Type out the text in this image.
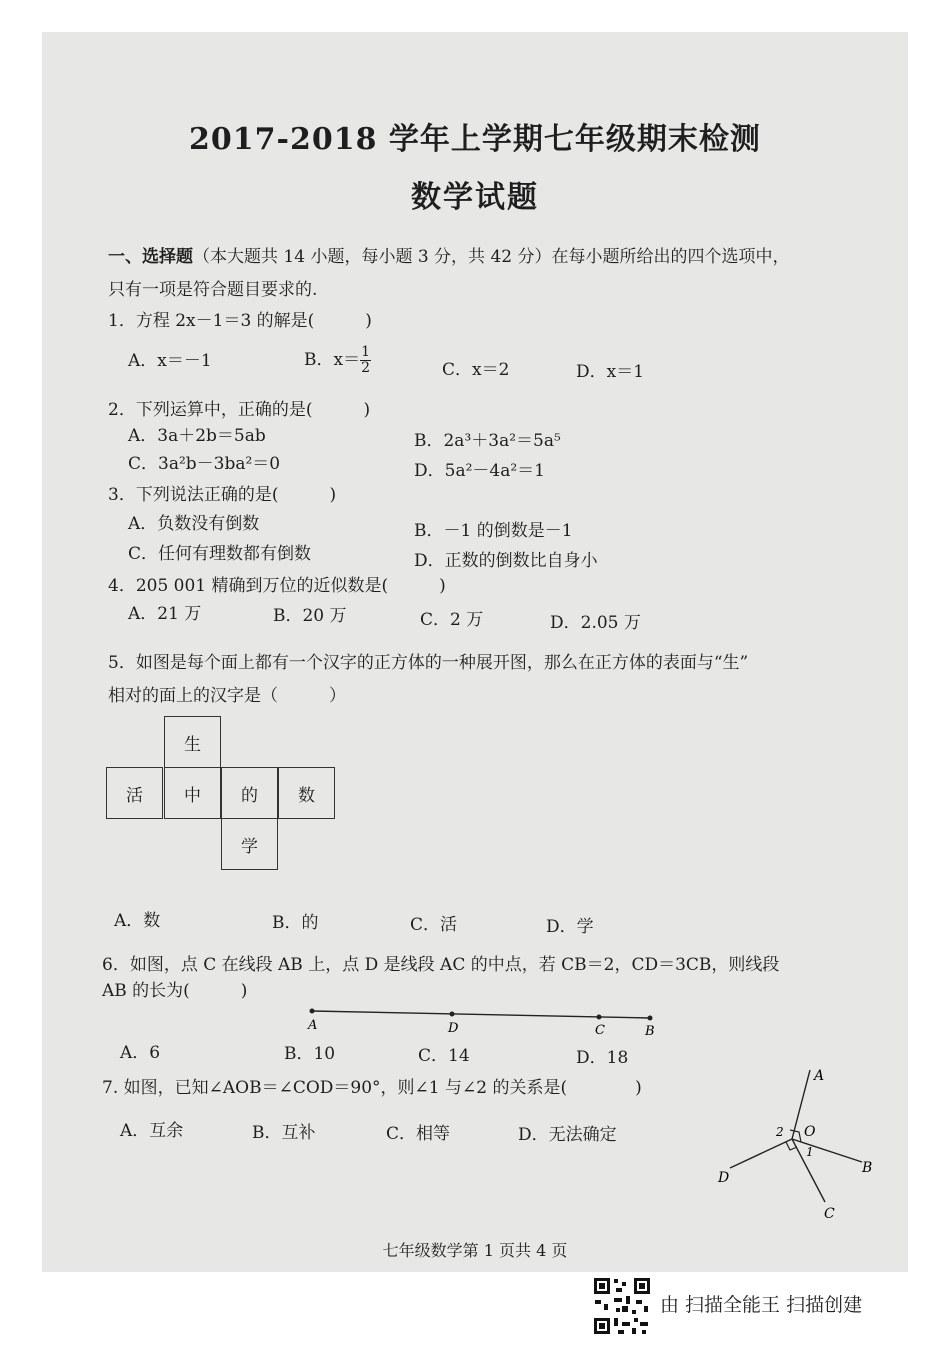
2017-2018 学年上学期七年级期末检测
数学试题
一、选择题（本大题共 14 小题，每小题 3 分，共 42 分）在每小题所给出的四个选项中，
只有一项是符合题目要求的.
1．方程 2x－1＝3 的解是(　　　)
A．x＝－1	B．$x= \frac{1}{2}$	C．x＝2	D．x＝1
2．下列运算中，正确的是(　　　)
A．3a＋2b＝5ab
C．3a²b－3ba²＝0
B．2a³＋3a²＝5a⁵
D．5a²－4a²＝1
3．下列说法正确的是(　　　)
A．负数没有倒数
C．任何有理数都有倒数
B．－1 的倒数是－1
D．正数的倒数比自身小
4．205 001 精确到万位的近似数是(　　　)
A．21 万	B．20 万	C．2 万	D．2.05 万
5．如图是每个面上都有一个汉字的正方体的一种展开图，那么在正方体的表面与“生”
相对的面上的汉字是（　　　）
生
活	中	的	数
学
A．数	B．的	C．活	D．学
6．如图，点 C 在线段 AB 上，点 D 是线段 AC 的中点，若 CB＝2，CD＝3CB，则线段
AB 的长为(　　　)
A	D	C	B
A．6	B．10	C．14	D．18
7. 如图，已知∠AOB＝∠COD＝90°，则∠1 与∠2 的关系是(　　　　)
A．互余	B．互补	C．相等	D．无法确定
A
B
C
D
O
1
2
七年级数学第 1 页共 4 页
由 扫描全能王 扫描创建
